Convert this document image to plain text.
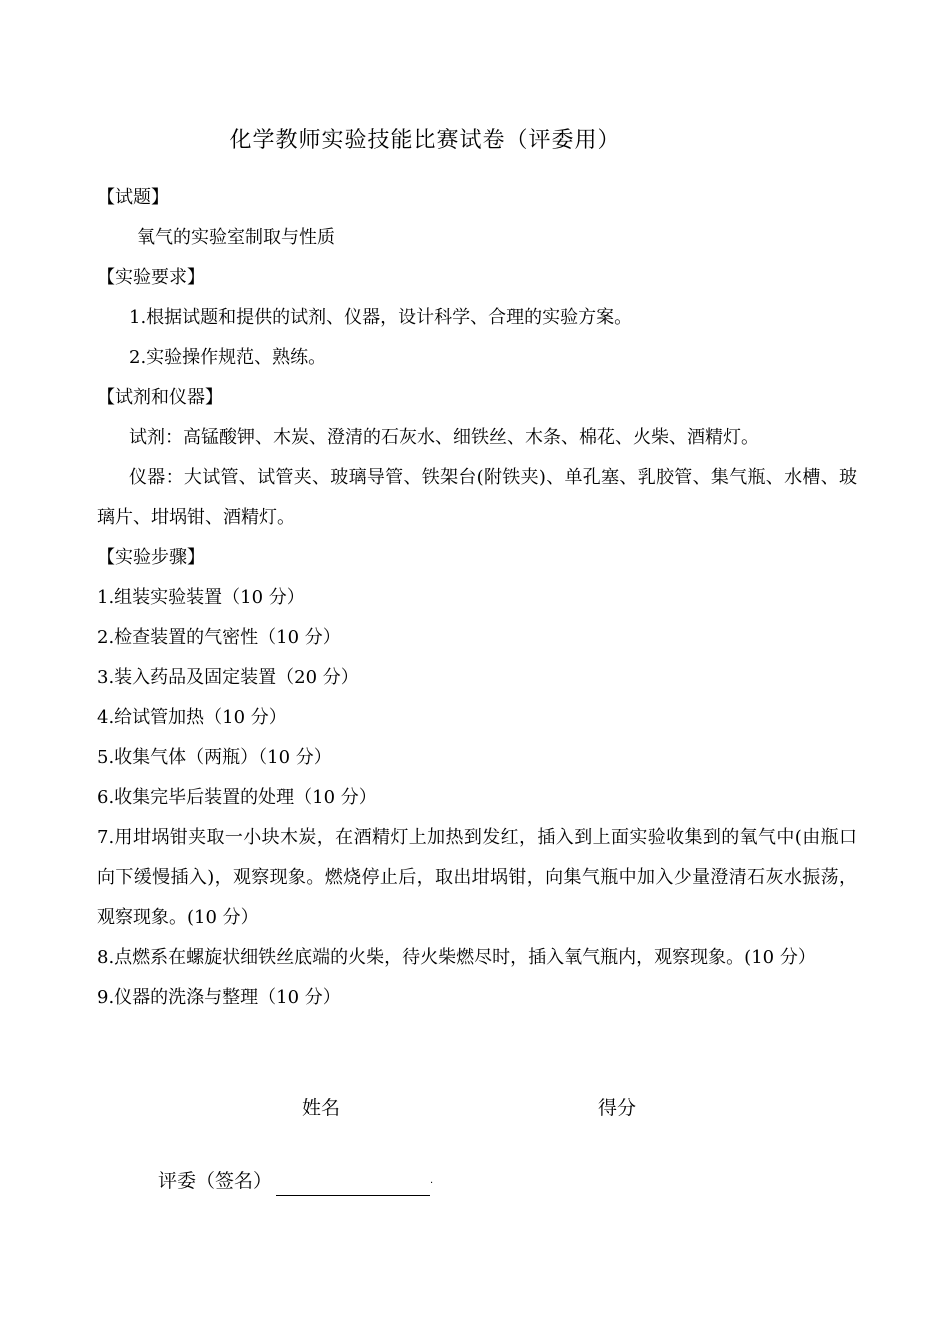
化学教师实验技能比赛试卷（评委用）
【试题】
氧气的实验室制取与性质
【实验要求】
1.根据试题和提供的试剂、仪器，设计科学、合理的实验方案。
2.实验操作规范、熟练。
【试剂和仪器】
试剂：高锰酸钾、木炭、澄清的石灰水、细铁丝、木条、棉花、火柴、酒精灯。
仪器：大试管、试管夹、玻璃导管、铁架台(附铁夹)、单孔塞、乳胶管、集气瓶、水槽、玻璃片、坩埚钳、酒精灯。
【实验步骤】
1.组装实验装置（10 分）
2.检查装置的气密性（10 分）
3.装入药品及固定装置（20 分）
4.给试管加热（10 分）
5.收集气体（两瓶）（10 分）
6.收集完毕后装置的处理（10 分）
7.用坩埚钳夹取一小块木炭，在酒精灯上加热到发红，插入到上面实验收集到的氧气中(由瓶口向下缓慢插入)，观察现象。燃烧停止后，取出坩埚钳，向集气瓶中加入少量澄清石灰水振荡，观察现象。(10 分）
8.点燃系在螺旋状细铁丝底端的火柴，待火柴燃尽时，插入氧气瓶内，观察现象。(10 分）
9.仪器的洗涤与整理（10 分）
姓名	得分
评委（签名）	.
